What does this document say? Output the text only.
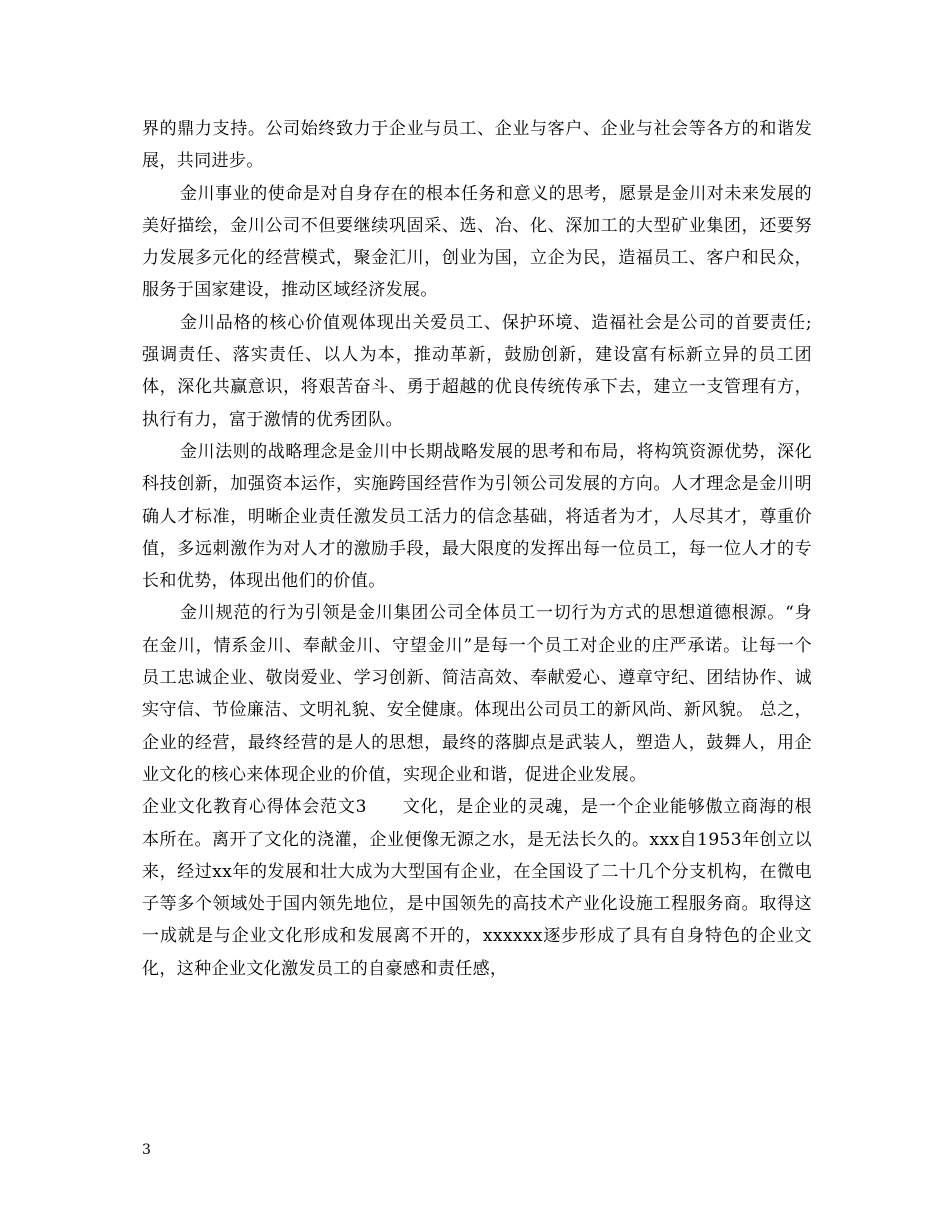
界的鼎力支持。公司始终致力于企业与员工、企业与客户、企业与社会等各方的和谐发展，共同进步。

金川事业的使命是对自身存在的根本任务和意义的思考，愿景是金川对未来发展的美好描绘，金川公司不但要继续巩固采、选、冶、化、深加工的大型矿业集团，还要努力发展多元化的经营模式，聚金汇川，创业为国，立企为民，造福员工、客户和民众，服务于国家建设，推动区域经济发展。

金川品格的核心价值观体现出关爱员工、保护环境、造福社会是公司的首要责任;强调责任、落实责任、以人为本，推动革新，鼓励创新，建设富有标新立异的员工团体，深化共赢意识，将艰苦奋斗、勇于超越的优良传统传承下去，建立一支管理有方，执行有力，富于激情的优秀团队。

金川法则的战略理念是金川中长期战略发展的思考和布局，将构筑资源优势，深化科技创新，加强资本运作，实施跨国经营作为引领公司发展的方向。人才理念是金川明确人才标准，明晰企业责任激发员工活力的信念基础，将适者为才，人尽其才，尊重价值，多远刺激作为对人才的激励手段，最大限度的发挥出每一位员工，每一位人才的专长和优势，体现出他们的价值。

金川规范的行为引领是金川集团公司全体员工一切行为方式的思想道德根源。“身在金川，情系金川、奉献金川、守望金川”是每一个员工对企业的庄严承诺。让每一个员工忠诚企业、敬岗爱业、学习创新、简洁高效、奉献爱心、遵章守纪、团结协作、诚实守信、节俭廉洁、文明礼貌、安全健康。体现出公司员工的新风尚、新风貌。 总之，企业的经营，最终经营的是人的思想，最终的落脚点是武装人，塑造人，鼓舞人，用企业文化的核心来体现企业的价值，实现企业和谐，促进企业发展。

企业文化教育心得体会范文3　　文化，是企业的灵魂，是一个企业能够傲立商海的根本所在。离开了文化的浇灌，企业便像无源之水，是无法长久的。xxx自1953年创立以来，经过xx年的发展和壮大成为大型国有企业，在全国设了二十几个分支机构，在微电子等多个领域处于国内领先地位，是中国领先的高技术产业化设施工程服务商。取得这一成就是与企业文化形成和发展离不开的，xxxxxx逐步形成了具有自身特色的企业文化，这种企业文化激发员工的自豪感和责任感，

3
